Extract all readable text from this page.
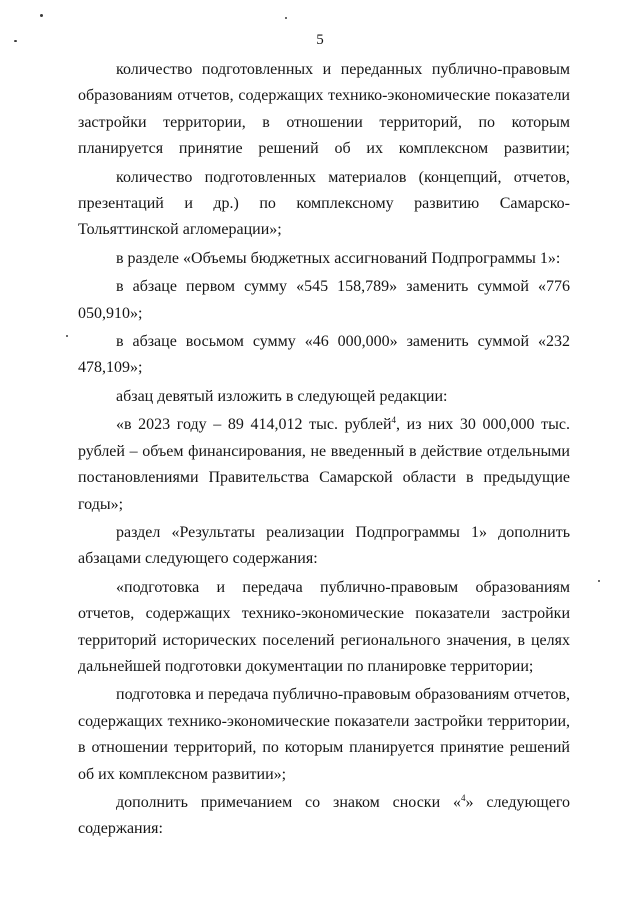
5

количество подготовленных и переданных публично-правовым образованиям отчетов, содержащих технико-экономические показатели застройки территории, в отношении территорий, по которым планируется принятие решений об их комплексном развитии;

количество подготовленных материалов (концепций, отчетов, презентаций и др.) по комплексному развитию Самарско-Тольяттинской агломерации»;

в разделе «Объемы бюджетных ассигнований Подпрограммы 1»:

в абзаце первом сумму «545 158,789» заменить суммой «776 050,910»;

в абзаце восьмом сумму «46 000,000» заменить суммой «232 478,109»;

абзац девятый изложить в следующей редакции:

«в 2023 году – 89 414,012 тыс. рублей$^4$, из них 30 000,000 тыс. рублей – объем финансирования, не введенный в действие отдельными постановлениями Правительства Самарской области в предыдущие годы»;

раздел «Результаты реализации Подпрограммы 1» дополнить абзацами следующего содержания:

«подготовка и передача публично-правовым образованиям отчетов, содержащих технико-экономические показатели застройки территорий исторических поселений регионального значения, в целях дальнейшей подготовки документации по планировке территории;

подготовка и передача публично-правовым образованиям отчетов, содержащих технико-экономические показатели застройки территории, в отношении территорий, по которым планируется принятие решений об их комплексном развитии»;

дополнить примечанием со знаком сноски «$^4$» следующего содержания:
